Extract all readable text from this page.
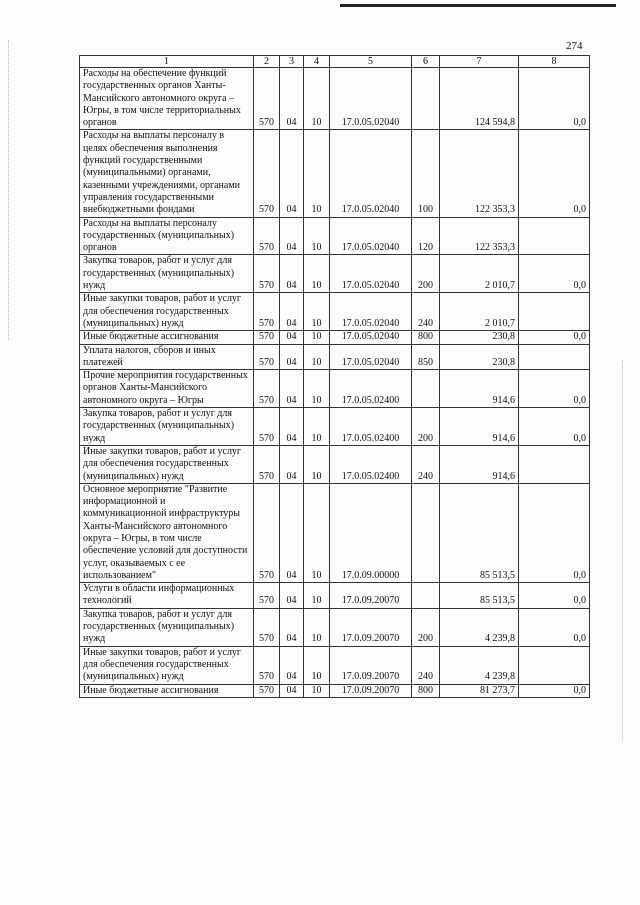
274
1	2	3	4	5	6	7	8
Расходы на обеспечение функций государственных органов Ханты-Мансийского автономного округа – Югры, в том числе территориальных органов	570	04	10	17.0.05.02040		124 594,8	0,0
Расходы на выплаты персоналу в целях обеспечения выполнения функций государственными (муниципальными) органами, казенными учреждениями, органами управления государственными внебюджетными фондами	570	04	10	17.0.05.02040	100	122 353,3	0,0
Расходы на выплаты персоналу государственных (муниципальных) органов	570	04	10	17.0.05.02040	120	122 353,3	
Закупка товаров, работ и услуг для государственных (муниципальных) нужд	570	04	10	17.0.05.02040	200	2 010,7	0,0
Иные закупки товаров, работ и услуг для обеспечения государственных (муниципальных) нужд	570	04	10	17.0.05.02040	240	2 010,7	
Иные бюджетные ассигнования	570	04	10	17.0.05.02040	800	230,8	0,0
Уплата налогов, сборов и иных платежей	570	04	10	17.0.05.02040	850	230,8	
Прочие мероприятия государственных органов Ханты-Мансийского автономного округа – Югры	570	04	10	17.0.05.02400		914,6	0,0
Закупка товаров, работ и услуг для государственных (муниципальных) нужд	570	04	10	17.0.05.02400	200	914,6	0,0
Иные закупки товаров, работ и услуг для обеспечения государственных (муниципальных) нужд	570	04	10	17.0.05.02400	240	914,6	
Основное мероприятие "Развитие информационной и коммуникационной инфраструктуры Ханты-Мансийского автономного округа – Югры, в том числе обеспечение условий для доступности услуг, оказываемых с ее использованием"	570	04	10	17.0.09.00000		85 513,5	0,0
Услуги в области информационных технологий	570	04	10	17.0.09.20070		85 513,5	0,0
Закупка товаров, работ и услуг для государственных (муниципальных) нужд	570	04	10	17.0.09.20070	200	4 239,8	0,0
Иные закупки товаров, работ и услуг для обеспечения государственных (муниципальных) нужд	570	04	10	17.0.09.20070	240	4 239,8	
Иные бюджетные ассигнования	570	04	10	17.0.09.20070	800	81 273,7	0,0
